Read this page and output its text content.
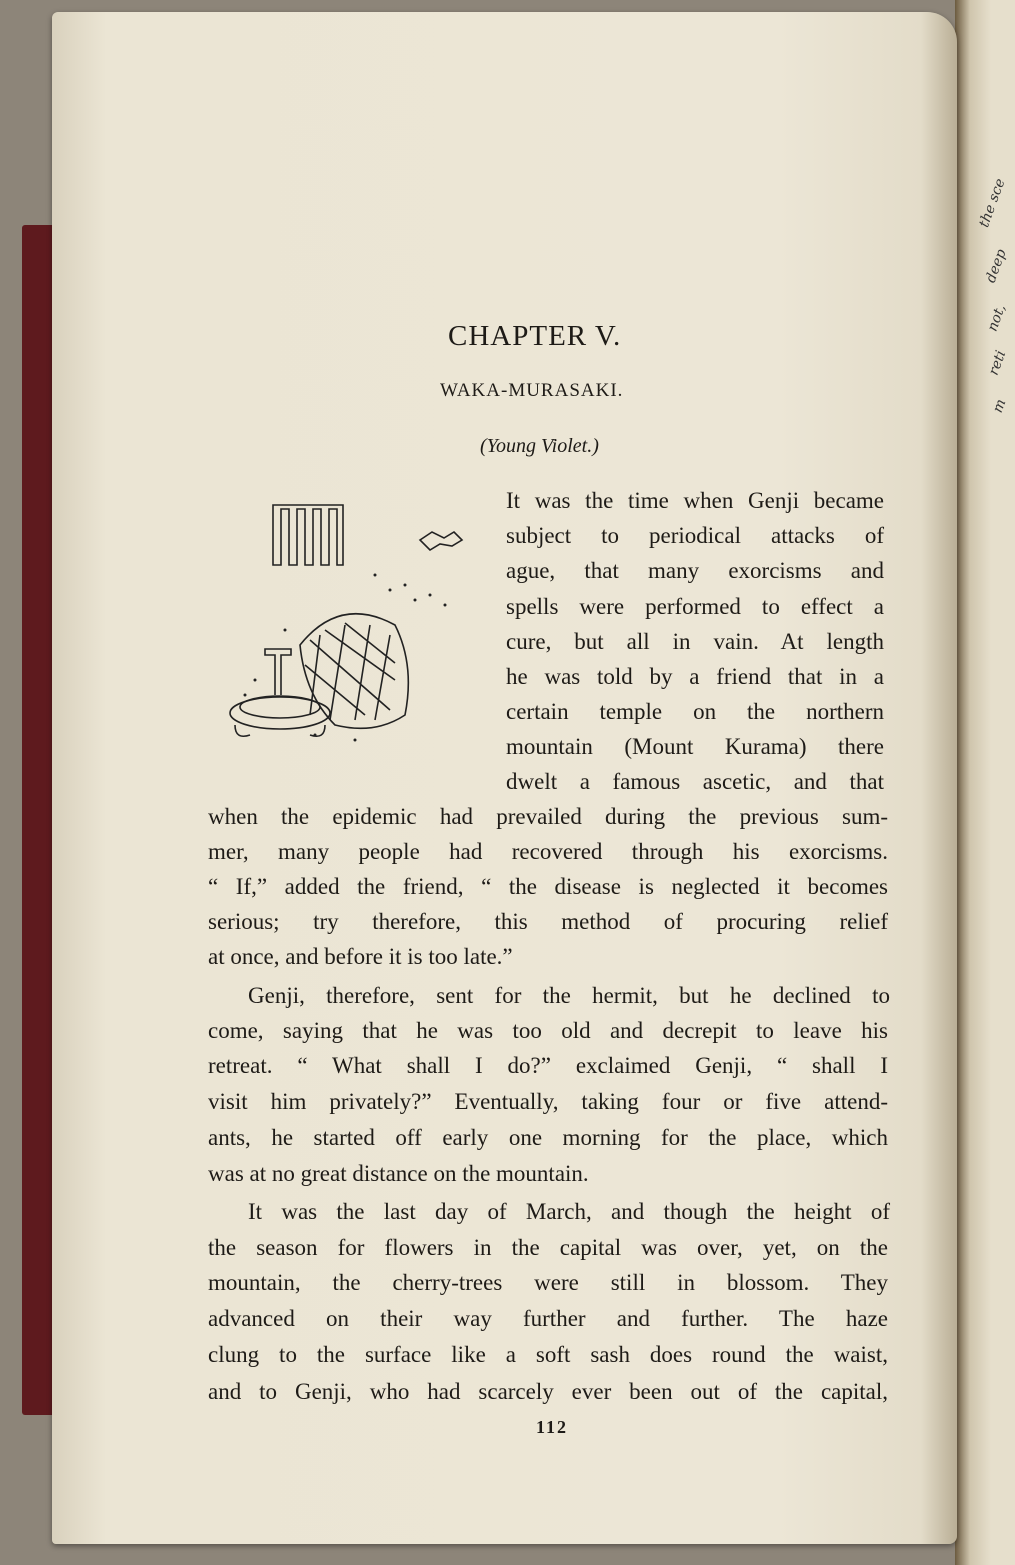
the sce
deep
not,
reti
m
CHAPTER V.
WAKA-MURASAKI.
(Young Violet.)
It was the time when Genji became
subject to periodical attacks of
ague, that many exorcisms and
spells were performed to effect a
cure, but all in vain. At length
he was told by a friend that in a
certain temple on the northern
mountain (Mount Kurama) there
dwelt a famous ascetic, and that
when the epidemic had prevailed during the previous sum-
mer, many people had recovered through his exorcisms.
“ If,” added the friend, “ the disease is neglected it becomes
serious; try therefore, this method of procuring relief
at once, and before it is too late.”
Genji, therefore, sent for the hermit, but he declined to
come, saying that he was too old and decrepit to leave his
retreat. “ What shall I do?” exclaimed Genji, “ shall I
visit him privately?” Eventually, taking four or five attend-
ants, he started off early one morning for the place, which
was at no great distance on the mountain.
It was the last day of March, and though the height of
the season for flowers in the capital was over, yet, on the
mountain, the cherry-trees were still in blossom. They
advanced on their way further and further. The haze
clung to the surface like a soft sash does round the waist,
and to Genji, who had scarcely ever been out of the capital,
112
